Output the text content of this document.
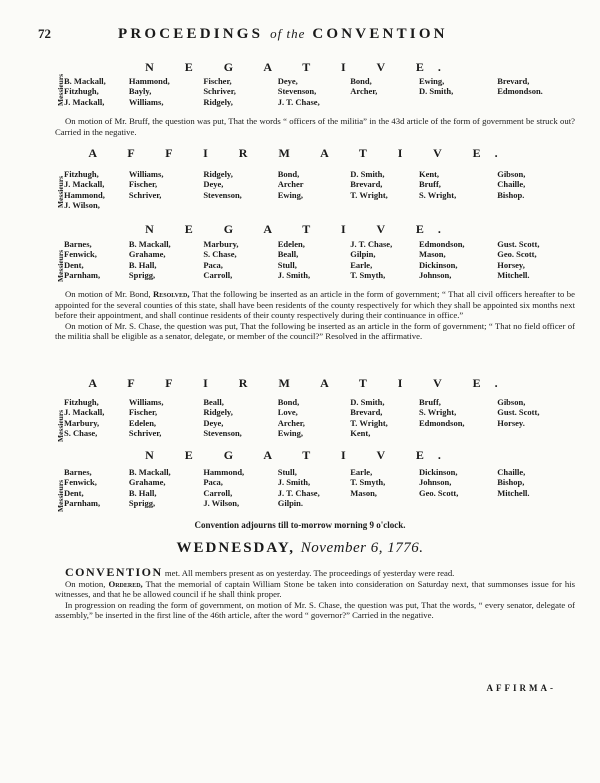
72	PROCEEDINGS of the CONVENTION
N E G A T I V E.
Messieurs B. Mackall,	Hammond,	Fischer,	Deye,	Bond,	Ewing,	Brevard,
Fitzhugh,	Bayly,	Schriver,	Stevenson,	Archer,	D. Smith,	Edmondson.
J. Mackall,	Williams,	Ridgely,	J. T. Chase,

On motion of Mr. Bruff, the question was put, That the words “ officers of the militia” in the 43d article of the form of government be struck out? Carried in the negative.

A F F I R M A T I V E.
Messieurs
Fitzhugh,	Williams,	Ridgely,	Bond,	D. Smith,	Kent,	Gibson,
J. Mackall,	Fischer,	Deye,	Archer	Brevard,	Bruff,	Chaille,
Hammond,	Schriver,	Stevenson,	Ewing,	T. Wright,	S. Wright,	Bishop.
J. Wilson,
N E G A T I V E.
Messieurs
Barnes,	B. Mackall,	Marbury,	Edelen,	J. T. Chase,	Edmondson,	Gust. Scott,
Fenwick,	Grahame,	S. Chase,	Beall,	Gilpin,	Mason,	Geo. Scott,
Dent,	B. Hall,	Paca,	Stull,	Earle,	Dickinson,	Horsey,
Parnham,	Sprigg,	Carroll,	J. Smith,	T. Smyth,	Johnson,	Mitchell.

On motion of Mr. Bond, Resolved, That the following be inserted as an article in the form of government; “ That all civil officers hereafter to be appointed for the several counties of this state, shall have been residents of the county respectively for which they shall be appointed six months next before their appointment, and shall continue residents of their county respectively during their continuance in office.”

On motion of Mr. S. Chase, the question was put, That the following be inserted as an article in the form of government; “ That no field officer of the militia shall be eligible as a senator, delegate, or member of the council?” Resolved in the affirmative.

A F F I R M A T I V E.
Messieurs
Fitzhugh,	Williams,	Beall,	Bond,	D. Smith,	Bruff,	Gibson,
J. Mackall,	Fischer,	Ridgely,	Love,	Brevard,	S. Wright,	Gust. Scott,
Marbury,	Edelen,	Deye,	Archer,	T. Wright,	Edmondson,	Horsey.
S. Chase,	Schriver,	Stevenson,	Ewing,	Kent,
N E G A T I V E.
Messieurs
Barnes,	B. Mackall,	Hammond,	Stull,	Earle,	Dickinson,	Chaille,
Fenwick,	Grahame,	Paca,	J. Smith,	T. Smyth,	Johnson,	Bishop,
Dent,	B. Hall,	Carroll,	J. T. Chase,	Mason,	Geo. Scott,	Mitchell.
Parnham,	Sprigg,	J. Wilson,	Gilpin.
Convention adjourns till to-morrow morning 9 o'clock.
WEDNESDAY, November 6, 1776.

CONVENTION met. All members present as on yesterday. The proceedings of yesterday were read.

On motion, Ordered, That the memorial of captain William Stone be taken into consideration on Saturday next, that summonses issue for his witnesses, and that he be allowed council if he shall think proper.

In progression on reading the form of government, on motion of Mr. S. Chase, the question was put, That the words, “ every senator, delegate of assembly,” be inserted in the first line of the 46th article, after the word “ governor?” Carried in the negative.

AFFIRMA-
